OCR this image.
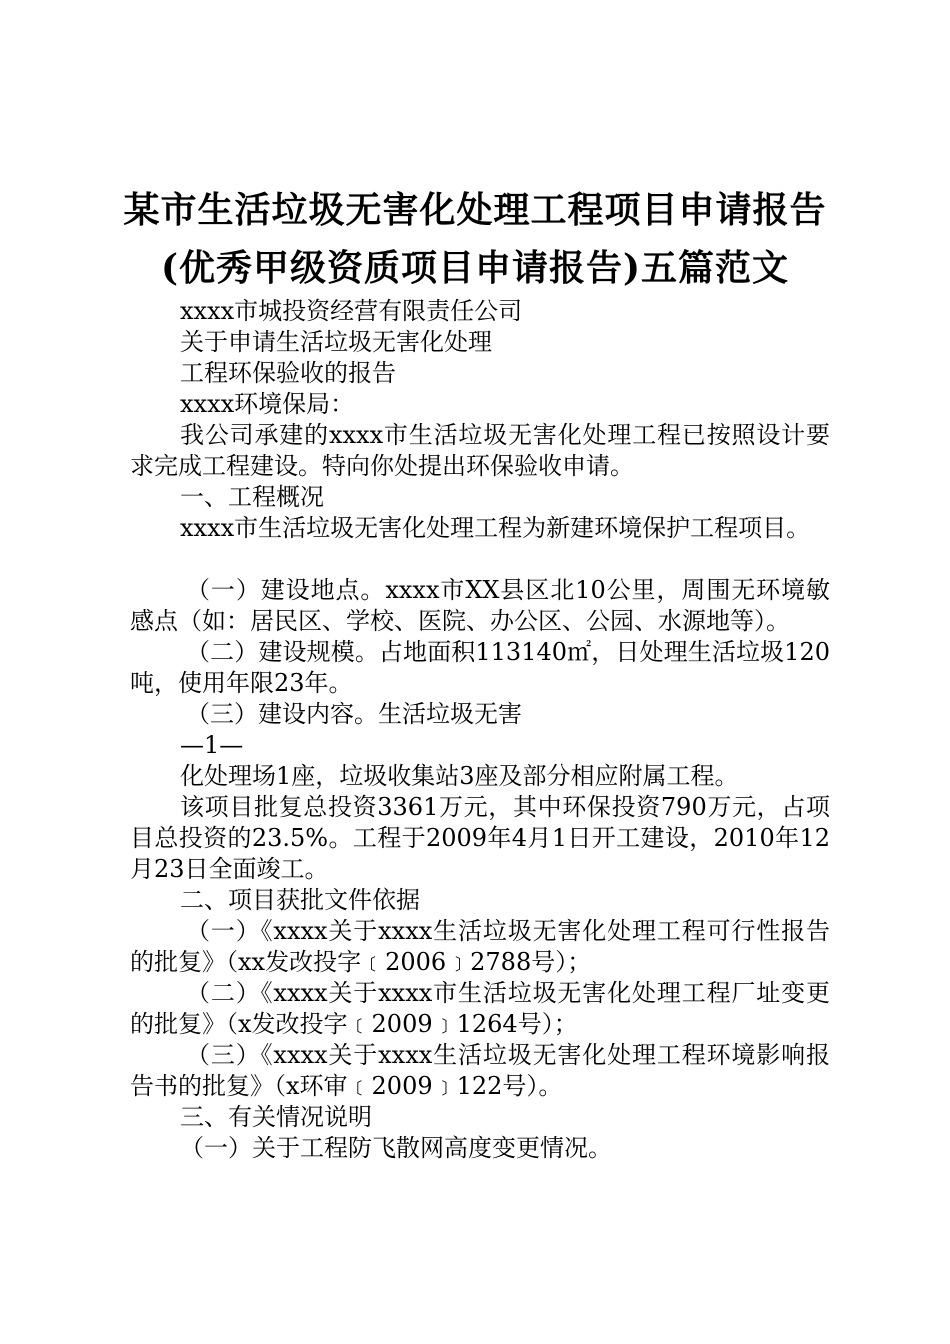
某市生活垃圾无害化处理工程项目申请报告
(优秀甲级资质项目申请报告)五篇范文

xxxx市城投资经营有限责任公司

关于申请生活垃圾无害化处理

工程环保验收的报告

xxxx环境保局：

我公司承建的xxxx市生活垃圾无害化处理工程已按照设计要求完成工程建设。特向你处提出环保验收申请。

一、工程概况

xxxx市生活垃圾无害化处理工程为新建环境保护工程项目。

（一）建设地点。xxxx市XX县区北10公里，周围无环境敏感点（如：居民区、学校、医院、办公区、公园、水源地等）。

（二）建设规模。占地面积113140㎡，日处理生活垃圾120吨，使用年限23年。

（三）建设内容。生活垃圾无害

—1—

化处理场1座，垃圾收集站3座及部分相应附属工程。

该项目批复总投资3361万元，其中环保投资790万元，占项目总投资的23.5%。工程于2009年4月1日开工建设，2010年12月23日全面竣工。

二、项目获批文件依据

（一）《xxxx关于xxxx生活垃圾无害化处理工程可行性报告的批复》（xx发改投字﹝2006﹞2788号）；

（二）《xxxx关于xxxx市生活垃圾无害化处理工程厂址变更的批复》（x发改投字﹝2009﹞1264号）；

（三）《xxxx关于xxxx生活垃圾无害化处理工程环境影响报告书的批复》（x环审﹝2009﹞122号）。

三、有关情况说明

（一）关于工程防飞散网高度变更情况。
